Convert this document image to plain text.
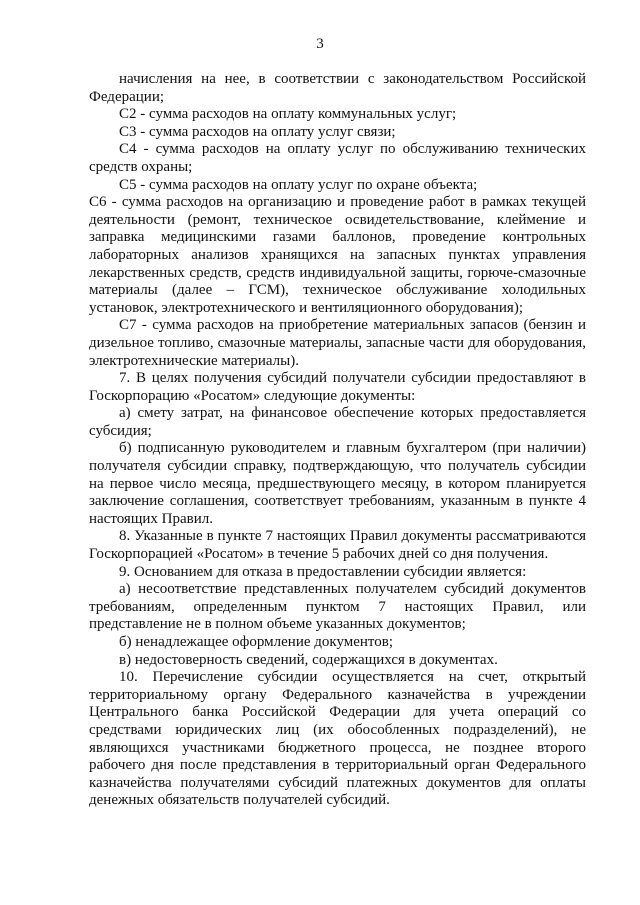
3

начисления на нее, в соответствии с законодательством Российской Федерации;

С2 - сумма расходов на оплату коммунальных услуг;

С3 - сумма расходов на оплату услуг связи;

С4 - сумма расходов на оплату услуг по обслуживанию технических средств охраны;

С5 - сумма расходов на оплату услуг по охране объекта;

С6 - сумма расходов на организацию и проведение работ в рамках текущей деятельности (ремонт, техническое освидетельствование, клеймение и заправка медицинскими газами баллонов, проведение контрольных лабораторных анализов хранящихся на запасных пунктах управления лекарственных средств, средств индивидуальной защиты, горюче-смазочные материалы (далее – ГСМ), техническое обслуживание холодильных установок, электротехнического и вентиляционного оборудования);

С7 - сумма расходов на приобретение материальных запасов (бензин и дизельное топливо, смазочные материалы, запасные части для оборудования, электротехнические материалы).

7. В целях получения субсидий получатели субсидии предоставляют в Госкорпорацию «Росатом» следующие документы:

а) смету затрат, на финансовое обеспечение которых предоставляется субсидия;

б) подписанную руководителем и главным бухгалтером (при наличии) получателя субсидии справку, подтверждающую, что получатель субсидии на первое число месяца, предшествующего месяцу, в котором планируется заключение соглашения, соответствует требованиям, указанным в пункте 4 настоящих Правил.

8. Указанные в пункте 7 настоящих Правил документы рассматриваются Госкорпорацией «Росатом» в течение 5 рабочих дней со дня получения.

9. Основанием для отказа в предоставлении субсидии является:

а) несоответствие представленных получателем субсидий документов требованиям, определенным пунктом 7 настоящих Правил, или представление не в полном объеме указанных документов;

б) ненадлежащее оформление документов;

в) недостоверность сведений, содержащихся в документах.

10. Перечисление субсидии осуществляется на счет, открытый территориальному органу Федерального казначейства в учреждении Центрального банка Российской Федерации для учета операций со средствами юридических лиц (их обособленных подразделений), не являющихся участниками бюджетного процесса, не позднее второго рабочего дня после представления в территориальный орган Федерального казначейства получателями субсидий платежных документов для оплаты денежных обязательств получателей субсидий.
